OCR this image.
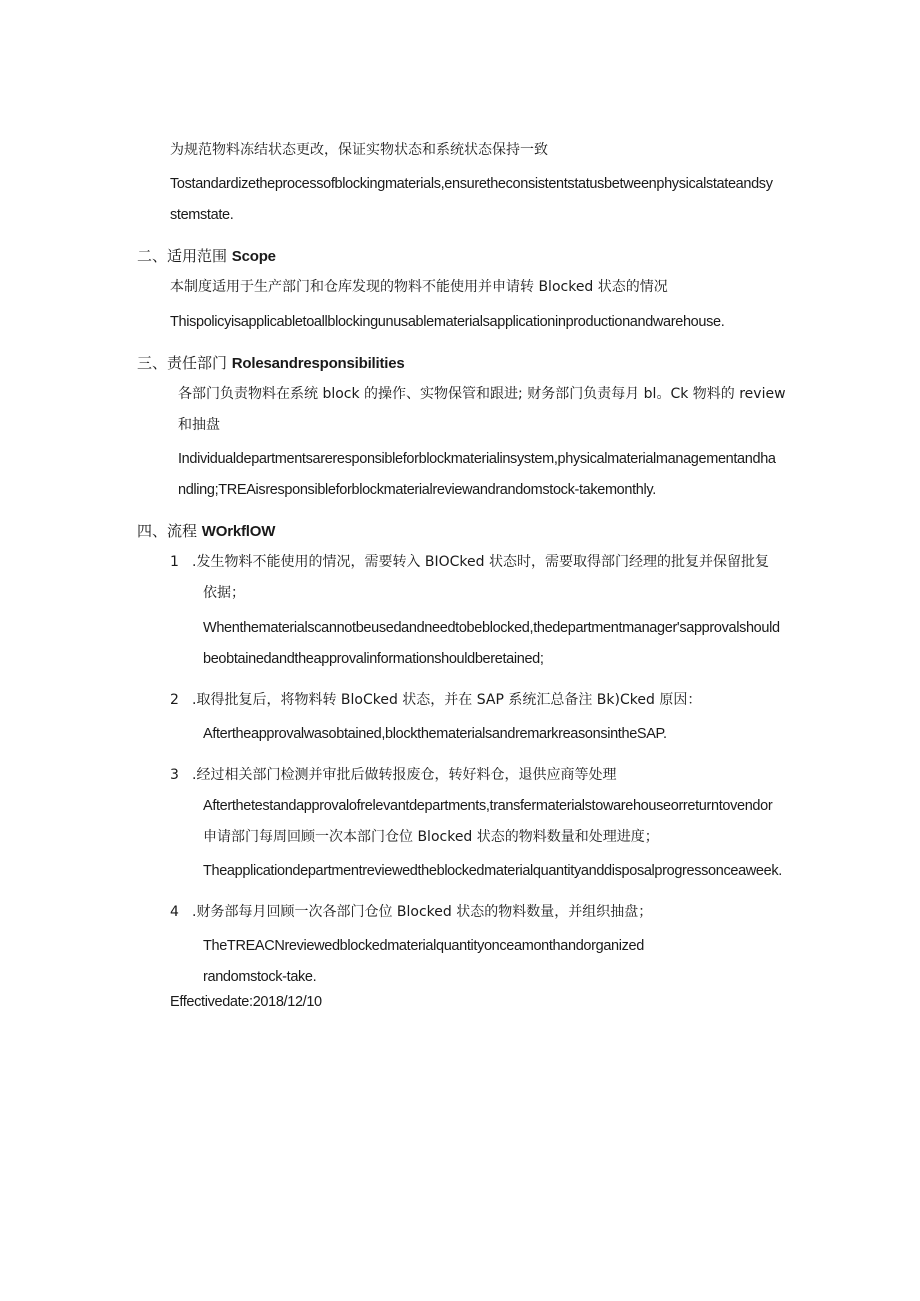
为规范物料冻结状态更改，保证实物状态和系统状态保持一致
Tostandardizetheprocessofblockingmaterials,ensuretheconsistentstatusbetweenphysicalstateandsy
stemstate.
二、适用范围 Scope
本制度适用于生产部门和仓库发现的物料不能使用并申请转 Blocked 状态的情况
Thispolicyisapplicabletoallblockingunusablematerialsapplicationinproductionandwarehouse.
三、责任部门 Rolesandresponsibilities
各部门负责物料在系统 block 的操作、实物保管和跟进; 财务部门负责每月 bl。Ck 物料的 review
和抽盘
Individualdepartmentsareresponsibleforblockmaterialinsystem,physicalmaterialmanagementandha
ndling;TREAisresponsibleforblockmaterialreviewandrandomstock-takemonthly.
四、流程 WOrkflOW
1 .发生物料不能使用的情况，需要转入 BIOCked 状态时，需要取得部门经理的批复并保留批复
依据；
Whenthematerialscannotbeusedandneedtobeblocked,thedepartmentmanager'sapprovalshould
beobtainedandtheapprovalinformationshouldberetained;
2 .取得批复后，将物料转 BloCked 状态，并在 SAP 系统汇总备注 Bk)Cked 原因：
Aftertheapprovalwasobtained,blockthematerialsandremarkreasonsintheSAP.
3 .经过相关部门检测并审批后做转报废仓，转好料仓，退供应商等处理
Afterthetestandapprovalofrelevantdepartments,transfermaterialstowarehouseorreturntovendor
申请部门每周回顾一次本部门仓位 Blocked 状态的物料数量和处理进度；
Theapplicationdepartmentreviewedtheblockedmaterialquantityanddisposalprogressonceaweek.
4 .财务部每月回顾一次各部门仓位 Blocked 状态的物料数量，并组织抽盘；
TheTREACNreviewedblockedmaterialquantityonceamonthandorganized
randomstock-take.
Effectivedate:2018/12/10
